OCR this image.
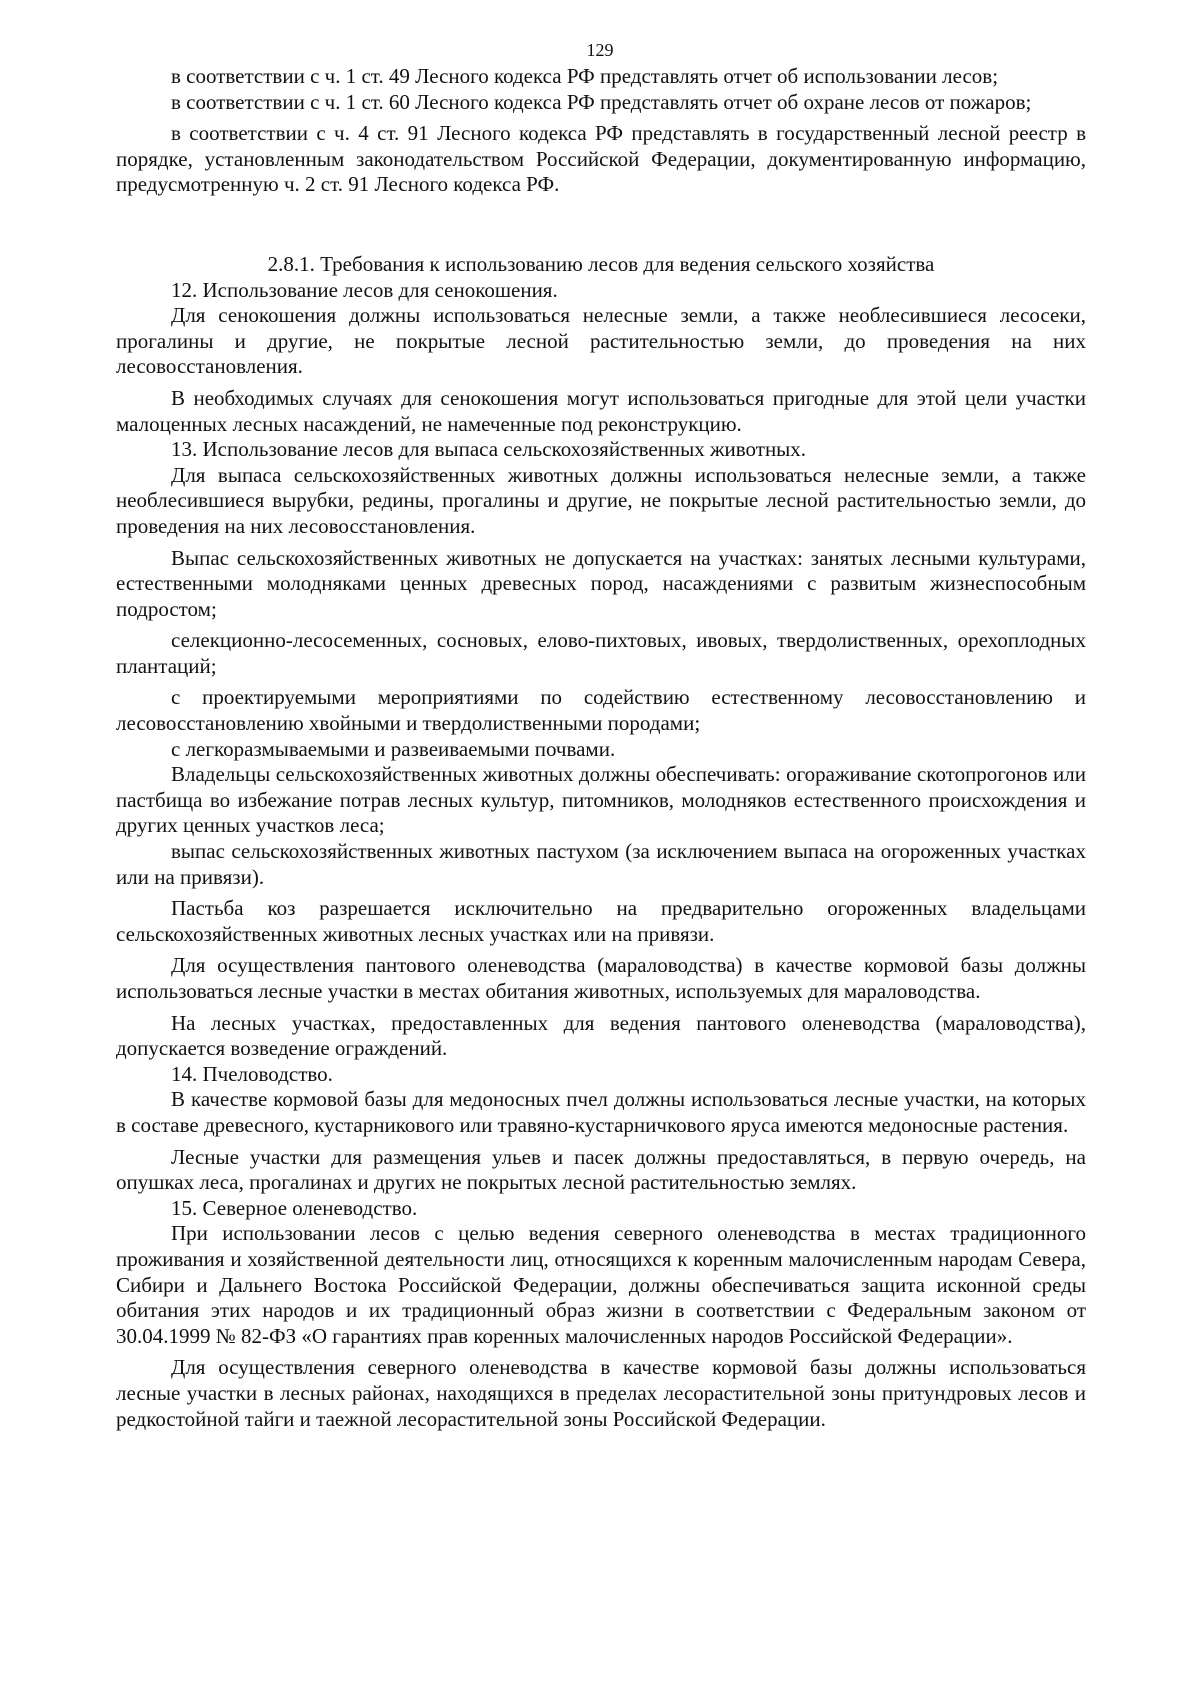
129

в соответствии с ч. 1 ст. 49 Лесного кодекса РФ представлять отчет об использовании лесов;

в соответствии с ч. 1 ст. 60 Лесного кодекса РФ представлять отчет об охране лесов от пожаров;

в соответствии с ч. 4 ст. 91 Лесного кодекса РФ представлять в государственный лесной реестр в порядке, установленным законодательством Российской Федерации, документированную информацию, предусмотренную ч. 2 ст. 91 Лесного кодекса РФ.

2.8.1. Требования к использованию лесов для ведения сельского хозяйства

12. Использование лесов для сенокошения.

Для сенокошения должны использоваться нелесные земли, а также необлесившиеся лесосеки, прогалины и другие, не покрытые лесной растительностью земли, до проведения на них лесовосстановления.

В необходимых случаях для сенокошения могут использоваться пригодные для этой цели участки малоценных лесных насаждений, не намеченные под реконструкцию.

13. Использование лесов для выпаса сельскохозяйственных животных.

Для выпаса сельскохозяйственных животных должны использоваться нелесные земли, а также необлесившиеся вырубки, редины, прогалины и другие, не покрытые лесной растительностью земли, до проведения на них лесовосстановления.

Выпас сельскохозяйственных животных не допускается на участках: занятых лесными культурами, естественными молодняками ценных древесных пород, насаждениями с развитым жизнеспособным подростом;

селекционно-лесосеменных, сосновых, елово-пихтовых, ивовых, твердолиственных, орехоплодных плантаций;

с проектируемыми мероприятиями по содействию естественному лесовосстановлению и лесовосстановлению хвойными и твердолиственными породами;

с легкоразмываемыми и развеиваемыми почвами.

Владельцы сельскохозяйственных животных должны обеспечивать: огораживание скотопрогонов или пастбища во избежание потрав лесных культур, питомников, молодняков естественного происхождения и других ценных участков леса;

выпас сельскохозяйственных животных пастухом (за исключением выпаса на огороженных участках или на привязи).

Пастьба коз разрешается исключительно на предварительно огороженных владельцами сельскохозяйственных животных лесных участках или на привязи.

Для осуществления пантового оленеводства (мараловодства) в качестве кормовой базы должны использоваться лесные участки в местах обитания животных, используемых для мараловодства.

На лесных участках, предоставленных для ведения пантового оленеводства (мараловодства), допускается возведение ограждений.

14. Пчеловодство.

В качестве кормовой базы для медоносных пчел должны использоваться лесные участки, на которых в составе древесного, кустарникового или травяно-кустарничкового яруса имеются медоносные растения.

Лесные участки для размещения ульев и пасек должны предоставляться, в первую очередь, на опушках леса, прогалинах и других не покрытых лесной растительностью землях.

15. Северное оленеводство.

При использовании лесов с целью ведения северного оленеводства в местах традиционного проживания и хозяйственной деятельности лиц, относящихся к коренным малочисленным народам Севера, Сибири и Дальнего Востока Российской Федерации, должны обеспечиваться защита исконной среды обитания этих народов и их традиционный образ жизни в соответствии с Федеральным законом от 30.04.1999 № 82-ФЗ «О гарантиях прав коренных малочисленных народов Российской Федерации».

Для осуществления северного оленеводства в качестве кормовой базы должны использоваться лесные участки в лесных районах, находящихся в пределах лесорастительной зоны притундровых лесов и редкостойной тайги и таежной лесорастительной зоны Российской Федерации.
